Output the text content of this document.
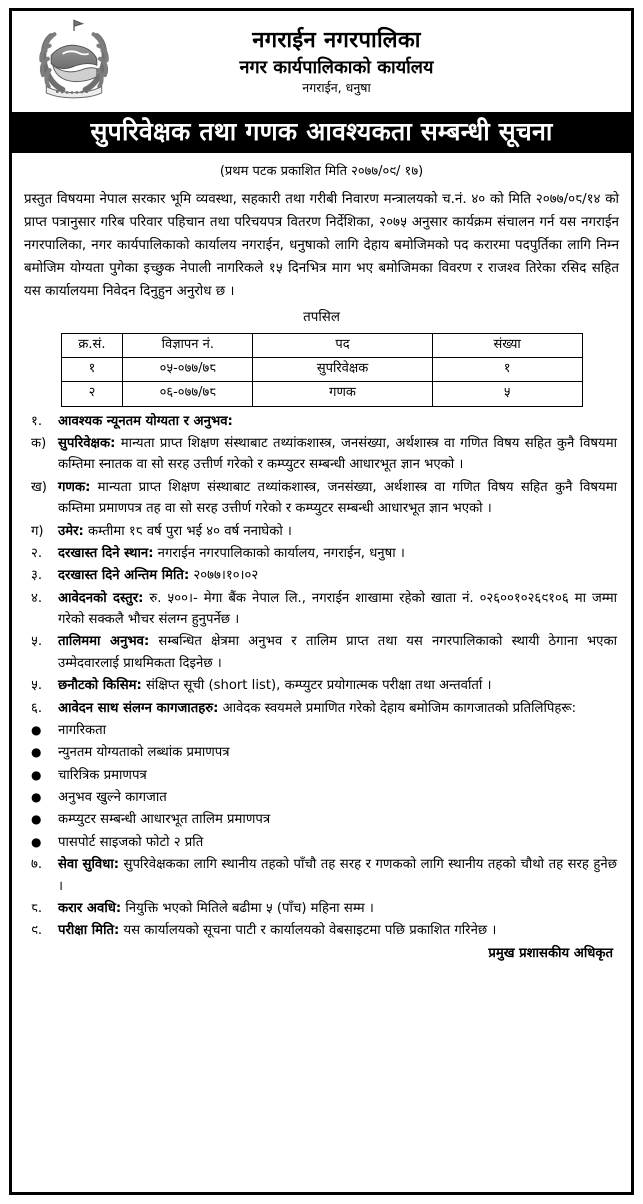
नगराईन नगरपालिका
नगर कार्यपालिकाको कार्यालय
नगराईन, धनुषा
सुपरिवेक्षक तथा गणक आवश्यकता सम्बन्धी सूचना
(प्रथम पटक प्रकाशित मिति २०७७/०९/ १७)

प्रस्तुत विषयमा नेपाल सरकार भूमि व्यवस्था, सहकारी तथा गरीबी निवारण मन्त्रालयको च.नं. ४० को मिति २०७७/०८/१४ को प्राप्त पत्रानुसार गरिब परिवार पहिचान तथा परिचयपत्र वितरण निर्देशिका, २०७५ अनुसार कार्यक्रम संचालन गर्न यस नगराईन नगरपालिका, नगर कार्यपालिकाको कार्यालय नगराईन, धनुषाको लागि देहाय बमोजिमको पद करारमा पदपुर्तिका लागि निम्न बमोजिम योग्यता पुगेका इच्छुक नेपाली नागरिकले १५ दिनभित्र माग भए बमोजिमका विवरण र राजश्व तिरेका रसिद सहित यस कार्यालयमा निवेदन दिनुहुन अनुरोध छ ।

तपसिल
क्र.सं.	विज्ञापन नं.	पद	संख्या
१	०५-०७७/७८	सुपरिवेक्षक	१
२	०६-०७७/७८	गणक	५
१.	आवश्यक न्यूनतम योग्यता र अनुभव:
क) सुपरिवेक्षक: मान्यता प्राप्त शिक्षण संस्थाबाट तथ्यांकशास्त्र, जनसंख्या, अर्थशास्त्र वा गणित विषय सहित कुनै विषयमा कम्तिमा स्नातक वा सो सरह उत्तीर्ण गरेको र कम्प्युटर सम्बन्धी आधारभूत ज्ञान भएको ।
ख) गणक: मान्यता प्राप्त शिक्षण संस्थाबाट तथ्यांकशास्त्र, जनसंख्या, अर्थशास्त्र वा गणित विषय सहित कुनै विषयमा कम्तिमा प्रमाणपत्र तह वा सो सरह उत्तीर्ण गरेको र कम्प्युटर सम्बन्धी आधारभूत ज्ञान भएको ।
ग)	उमेर: कम्तीमा १८ वर्ष पुरा भई ४० वर्ष ननाघेको ।
२.	दरखास्त दिने स्थान: नगराईन नगरपालिकाको कार्यालय, नगराईन, धनुषा ।
३.	दरखास्त दिने अन्तिम मिति: २०७७।१०।०२
४.	आवेदनको दस्तुर: रु. ५००।- मेगा बैंक नेपाल लि., नगराईन शाखामा रहेको खाता नं. ०२६००१०२६९१०६ मा जम्मा गरेको सक्कलै भौचर संलग्न हुनुपर्नेछ ।
५.	तालिममा अनुभव: सम्बन्धित क्षेत्रमा अनुभव र तालिम प्राप्त तथा यस नगरपालिकाको स्थायी ठेगाना भएका उम्मेदवारलाई प्राथमिकता दिइनेछ ।
५.	छनौटको किसिम: संक्षिप्त सूची (short list), कम्प्युटर प्रयोगात्मक परीक्षा तथा अन्तर्वार्ता ।
६.	आवेदन साथ संलग्न कागजातहरु: आवेदक स्वयमले प्रमाणित गरेको देहाय बमोजिम कागजातको प्रतिलिपिहरू:
●	नागरिकता
●	न्युनतम योग्यताको लब्धांक प्रमाणपत्र
●	चारित्रिक प्रमाणपत्र
●	अनुभव खुल्ने कागजात
●	कम्प्युटर सम्बन्धी आधारभूत तालिम प्रमाणपत्र
●	पासपोर्ट साइजको फोटो २ प्रति
७.	सेवा सुविधा: सुपरिवेक्षकका लागि स्थानीय तहको पाँचौ तह सरह र गणकको लागि स्थानीय तहको चौथो तह सरह हुनेछ ।
८.	करार अवधि: नियुक्ति भएको मितिले बढीमा ५ (पाँच) महिना सम्म ।
९.	परीक्षा मिति: यस कार्यालयको सूचना पाटी र कार्यालयको वेबसाइटमा पछि प्रकाशित गरिनेछ ।
प्रमुख प्रशासकीय अधिकृत
